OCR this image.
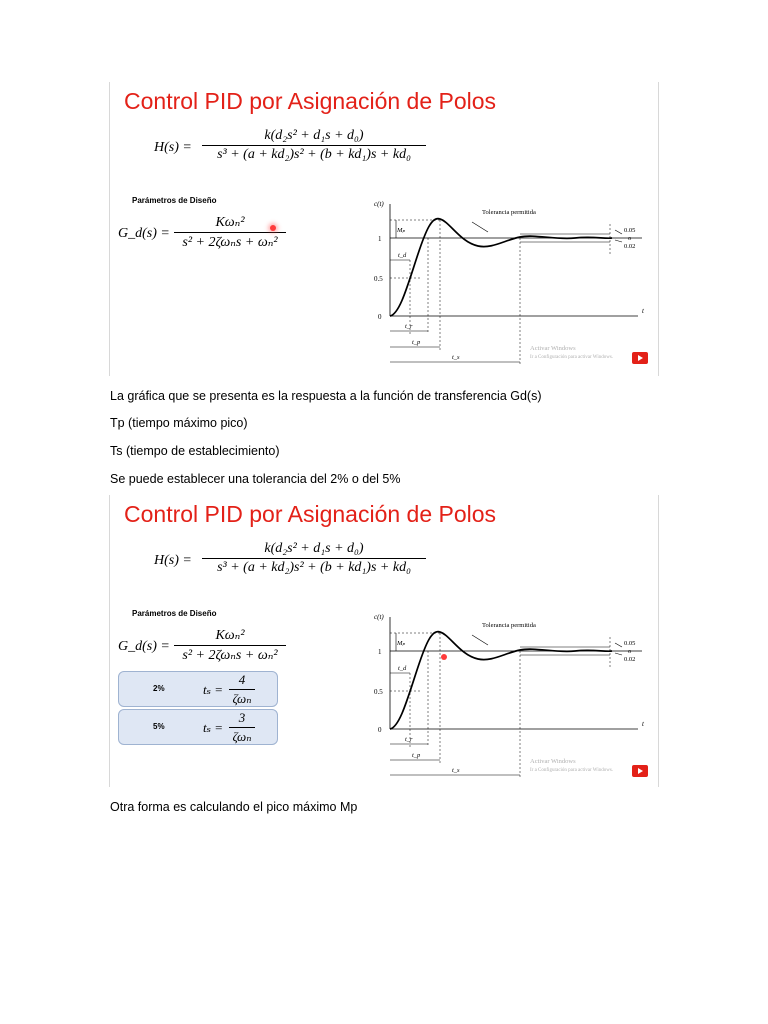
Control PID por Asignación de Polos
H(s) =
k(d₂s² + d₁s + d₀)
s³ + (a + kd₂)s² + (b + kd₁)s + kd₀
Parámetros de Diseño
G_d(s) =
Kωₙ²
s² + 2ζωₙs + ωₙ²
c(t)
t
1
0.5
0
Tolerancia permitida
0.05
o
0.02
Mₚ
t_d
t_r
t_p
t_s
Activar Windows
Ir a Configuración para activar Windows.
La gráfica que se presenta es la respuesta a la función de transferencia Gd(s)
Tp (tiempo máximo pico)
Ts (tiempo de establecimiento)
Se puede establecer una tolerancia del 2% o del 5%
Control PID por Asignación de Polos
H(s) =
k(d₂s² + d₁s + d₀)
s³ + (a + kd₂)s² + (b + kd₁)s + kd₀
Parámetros de Diseño
G_d(s) =
Kωₙ²
s² + 2ζωₙs + ωₙ²
2%	tₛ =
4
ζωₙ
5%	tₛ =
3
ζωₙ
c(t)
t
1
0.5
0
Tolerancia permitida
0.05
o
0.02
Mₚ
t_d
t_r
t_p
t_s
Activar Windows
Ir a Configuración para activar Windows.
Otra forma es calculando el pico máximo Mp
